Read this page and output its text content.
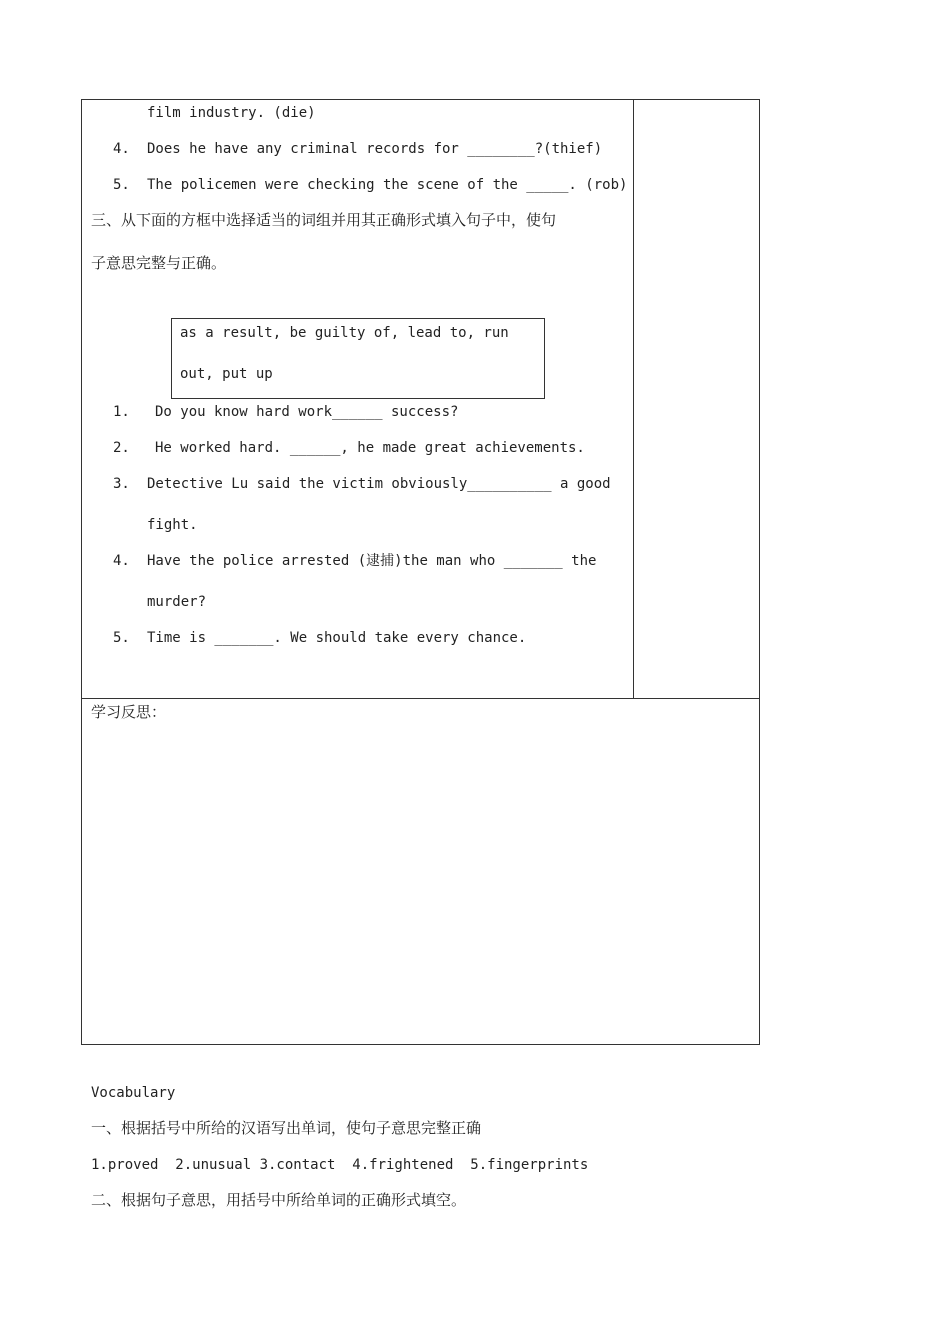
film industry. (die)
4. Does he have any criminal records for ________?(thief)
5. The policemen were checking the scene of the _____. (rob)
三、从下面的方框中选择适当的词组并用其正确形式填入句子中，使句
子意思完整与正确。
as a result, be guilty of, lead to, run
out, put up
1. Do you know hard work______ success?
2. He worked hard. ______, he made great achievements.
3. Detective Lu said the victim obviously__________ a good
fight.
4. Have the police arrested (逮捕)the man who _______ the
murder?
5. Time is _______. We should take every chance.
学习反思：
Vocabulary
一、根据括号中所给的汉语写出单词，使句子意思完整正确
1.proved  2.unusual 3.contact  4.frightened  5.fingerprints
二、根据句子意思，用括号中所给单词的正确形式填空。
